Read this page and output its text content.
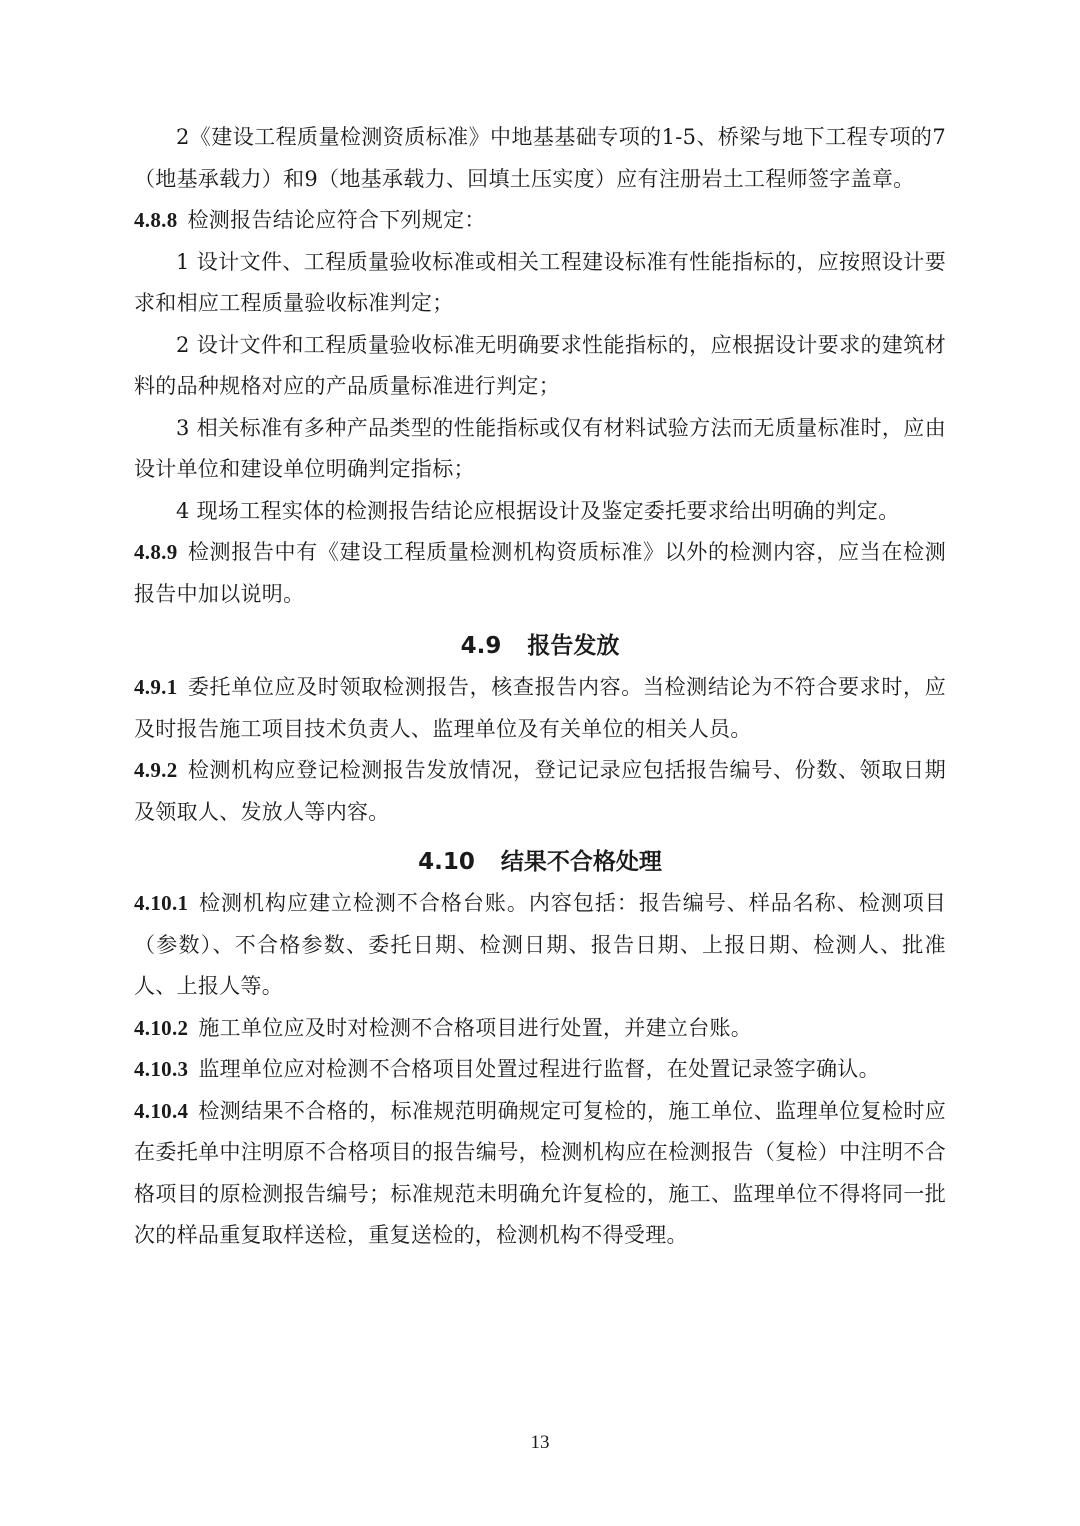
2《建设工程质量检测资质标准》中地基基础专项的1-5、桥梁与地下工程专项的7（地基承载力）和9（地基承载力、回填土压实度）应有注册岩土工程师签字盖章。

4.8.8 检测报告结论应符合下列规定：

1 设计文件、工程质量验收标准或相关工程建设标准有性能指标的，应按照设计要求和相应工程质量验收标准判定；

2 设计文件和工程质量验收标准无明确要求性能指标的，应根据设计要求的建筑材料的品种规格对应的产品质量标准进行判定；

3 相关标准有多种产品类型的性能指标或仅有材料试验方法而无质量标准时，应由设计单位和建设单位明确判定指标；

4 现场工程实体的检测报告结论应根据设计及鉴定委托要求给出明确的判定。

4.8.9 检测报告中有《建设工程质量检测机构资质标准》以外的检测内容，应当在检测报告中加以说明。

4.9 报告发放

4.9.1 委托单位应及时领取检测报告，核查报告内容。当检测结论为不符合要求时，应及时报告施工项目技术负责人、监理单位及有关单位的相关人员。

4.9.2 检测机构应登记检测报告发放情况，登记记录应包括报告编号、份数、领取日期及领取人、发放人等内容。

4.10 结果不合格处理

4.10.1 检测机构应建立检测不合格台账。内容包括：报告编号、样品名称、检测项目（参数）、不合格参数、委托日期、检测日期、报告日期、上报日期、检测人、批准人、上报人等。

4.10.2 施工单位应及时对检测不合格项目进行处置，并建立台账。

4.10.3 监理单位应对检测不合格项目处置过程进行监督，在处置记录签字确认。

4.10.4 检测结果不合格的，标准规范明确规定可复检的，施工单位、监理单位复检时应在委托单中注明原不合格项目的报告编号，检测机构应在检测报告（复检）中注明不合格项目的原检测报告编号；标准规范未明确允许复检的，施工、监理单位不得将同一批次的样品重复取样送检，重复送检的，检测机构不得受理。

13
